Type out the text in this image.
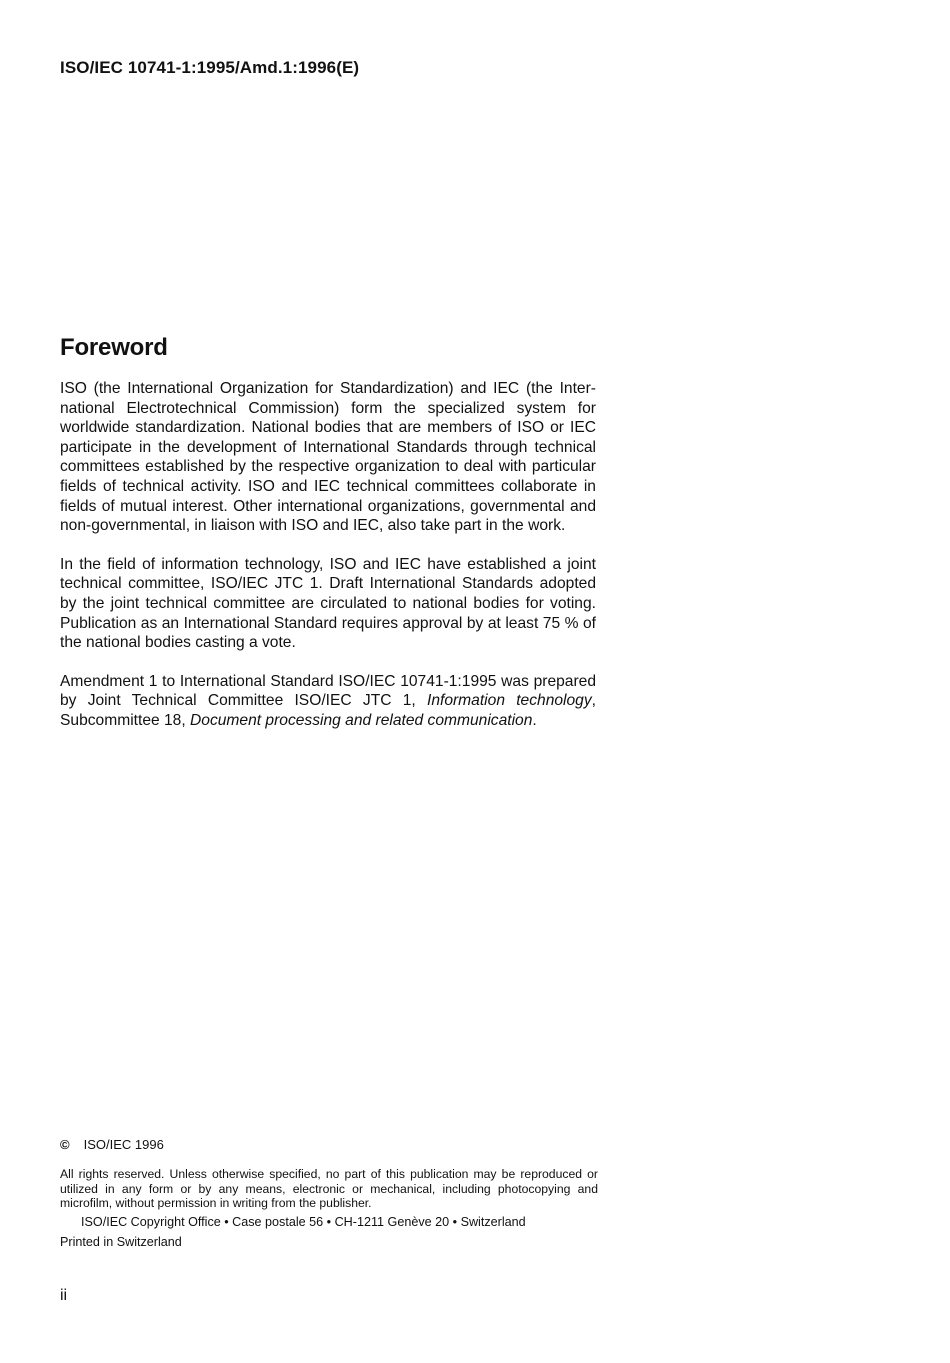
ISO/IEC 10741-1:1995/Amd.1:1996(E)
Foreword

ISO (the International Organization for Standardization) and IEC (the International Electrotechnical Commission) form the specialized system for worldwide standardization. National bodies that are members of ISO or IEC participate in the development of International Standards through technical committees established by the respective organization to deal with particular fields of technical activity. ISO and IEC technical committees collaborate in fields of mutual interest. Other international organizations, governmental and non-governmental, in liaison with ISO and IEC, also take part in the work.

In the field of information technology, ISO and IEC have established a joint technical committee, ISO/IEC JTC 1. Draft International Standards adopted by the joint technical committee are circulated to national bodies for voting. Publication as an International Standard requires approval by at least 75 % of the national bodies casting a vote.

Amendment 1 to International Standard ISO/IEC 10741-1:1995 was prepared by Joint Technical Committee ISO/IEC JTC 1, Information technology, Subcommittee 18, Document processing and related communication.

© ISO/IEC 1996
All rights reserved. Unless otherwise specified, no part of this publication may be reproduced or utilized in any form or by any means, electronic or mechanical, including photocopying and microfilm, without permission in writing from the publisher.
ISO/IEC Copyright Office • Case postale 56 • CH-1211 Genève 20 • Switzerland
Printed in Switzerland
ii
